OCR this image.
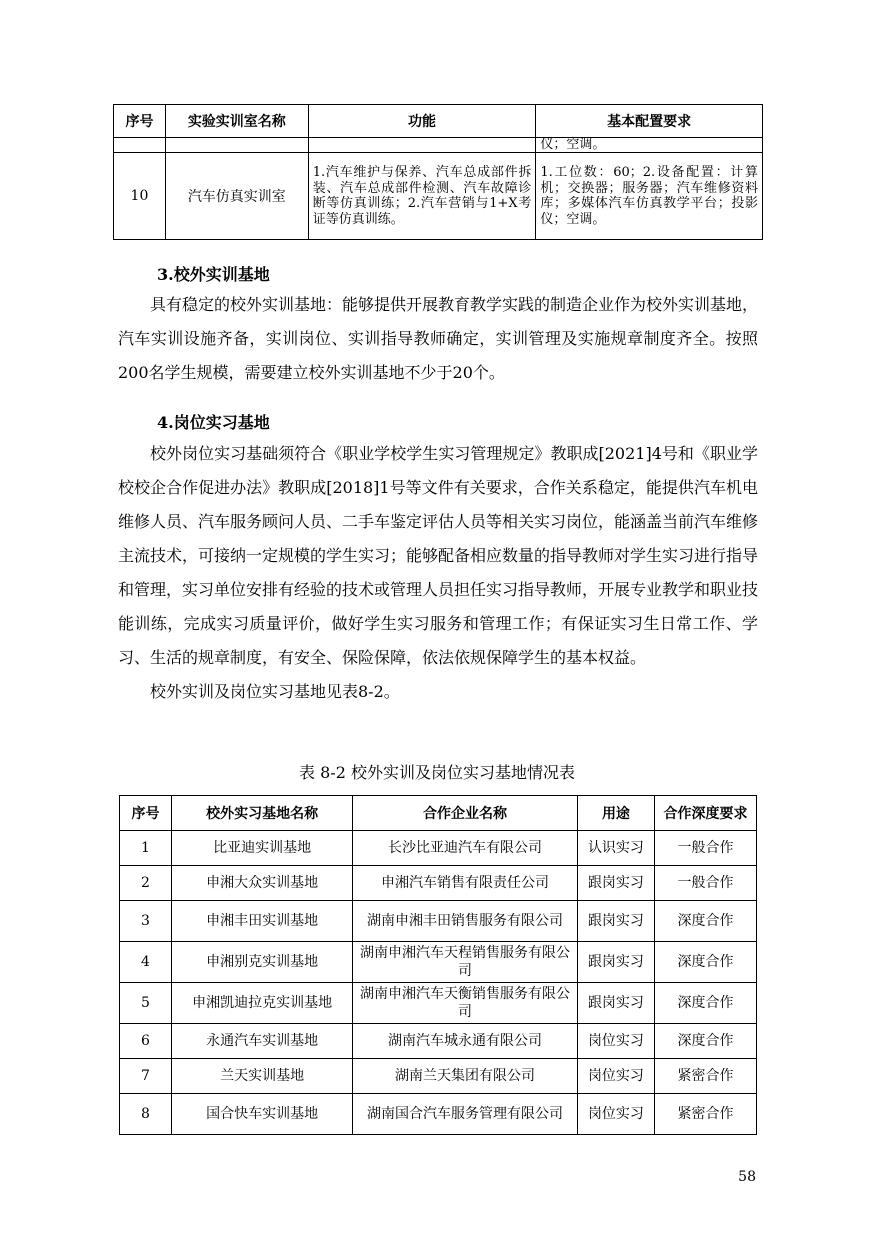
序号	实验实训室名称	功能	基本配置要求
			仪；空调。
10	汽车仿真实训室	1.汽车维护与保养、汽车总成部件拆装、汽车总成部件检测、汽车故障诊断等仿真训练；2.汽车营销与1+X考证等仿真训练。	1.工位数：60；2.设备配置：计算机；交换器；服务器；汽车维修资料库；多媒体汽车仿真教学平台；投影仪；空调。
3.校外实训基地

具有稳定的校外实训基地：能够提供开展教育教学实践的制造企业作为校外实训基地，汽车实训设施齐备，实训岗位、实训指导教师确定，实训管理及实施规章制度齐全。按照200名学生规模，需要建立校外实训基地不少于20个。

4.岗位实习基地

校外岗位实习基础须符合《职业学校学生实习管理规定》教职成[2021]4号和《职业学校校企合作促进办法》教职成[2018]1号等文件有关要求，合作关系稳定，能提供汽车机电维修人员、汽车服务顾问人员、二手车鉴定评估人员等相关实习岗位，能涵盖当前汽车维修主流技术，可接纳一定规模的学生实习；能够配备相应数量的指导教师对学生实习进行指导和管理，实习单位安排有经验的技术或管理人员担任实习指导教师，开展专业教学和职业技能训练，完成实习质量评价，做好学生实习服务和管理工作；有保证实习生日常工作、学习、生活的规章制度，有安全、保险保障，依法依规保障学生的基本权益。

校外实训及岗位实习基地见表8-2。

表 8-2 校外实训及岗位实习基地情况表
序号	校外实习基地名称	合作企业名称	用途	合作深度要求
1	比亚迪实训基地	长沙比亚迪汽车有限公司	认识实习	一般合作
2	申湘大众实训基地	申湘汽车销售有限责任公司	跟岗实习	一般合作
3	申湘丰田实训基地	湖南申湘丰田销售服务有限公司	跟岗实习	深度合作
4	申湘别克实训基地	湖南申湘汽车天程销售服务有限公司	跟岗实习	深度合作
5	申湘凯迪拉克实训基地	湖南申湘汽车天衡销售服务有限公司	跟岗实习	深度合作
6	永通汽车实训基地	湖南汽车城永通有限公司	岗位实习	深度合作
7	兰天实训基地	湖南兰天集团有限公司	岗位实习	紧密合作
8	国合快车实训基地	湖南国合汽车服务管理有限公司	岗位实习	紧密合作
58
